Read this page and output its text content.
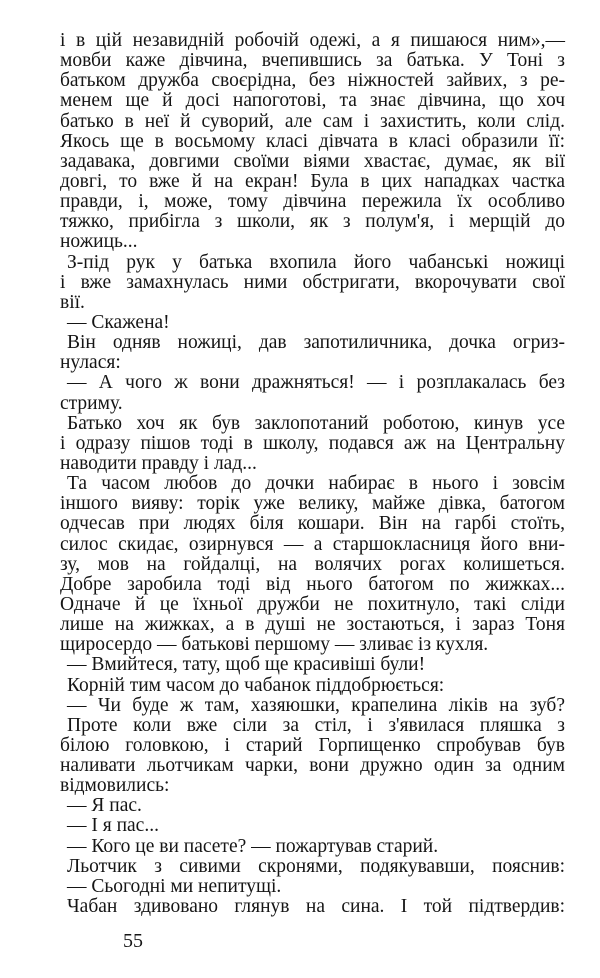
і в цій незавидній робочій одежі, а я пишаюся ним»,—
мовби каже дівчина, вчепившись за батька. У Тоні з
батьком дружба своєрідна, без ніжностей зайвих, з ре-
менем ще й досі напоготові, та знає дівчина, що хоч
батько в неї й суворий, але сам і захистить, коли слід.
Якось ще в восьмому класі дівчата в класі образили її:
задавака, довгими своїми віями хвастає, думає, як вії
довгі, то вже й на екран! Була в цих нападках частка
правди, і, може, тому дівчина пережила їх особливо
тяжко, прибігла з школи, як з полум'я, і мерщій до
ножиць...
З-під рук у батька вхопила його чабанські ножиці
і вже замахнулась ними обстригати, вкорочувати свої
вії.
— Скажена!
Він одняв ножиці, дав запотиличника, дочка огриз-
нулася:
— А чого ж вони дражняться! — і розплакалась без
стриму.
Батько хоч як був заклопотаний роботою, кинув усе
і одразу пішов тоді в школу, подався аж на Центральну
наводити правду і лад...
Та часом любов до дочки набирає в нього і зовсім
іншого вияву: торік уже велику, майже дівка, батогом
одчесав при людях біля кошари. Він на гарбі стоїть,
силос скидає, озирнувся — а старшокласниця його вни-
зу, мов на гойдалці, на волячих рогах колишеться.
Добре заробила тоді від нього батогом по жижках...
Одначе й це їхньої дружби не похитнуло, такі сліди
лише на жижках, а в душі не зостаються, і зараз Тоня
щиросердо — батькові першому — зливає із кухля.
— Вмийтеся, тату, щоб ще красивіші були!
Корній тим часом до чабанок піддобрюється:
— Чи буде ж там, хазяюшки, крапелина ліків на зуб?
Проте коли вже сіли за стіл, і з'явилася пляшка з
білою головкою, і старий Горпищенко спробував був
наливати льотчикам чарки, вони дружно один за одним
відмовились:
— Я пас.
— І я пас...
— Кого це ви пасете? — пожартував старий.
Льотчик з сивими скронями, подякувавши, пояснив:
— Сьогодні ми непитущі.
Чабан здивовано глянув на сина. І той підтвердив:
55
